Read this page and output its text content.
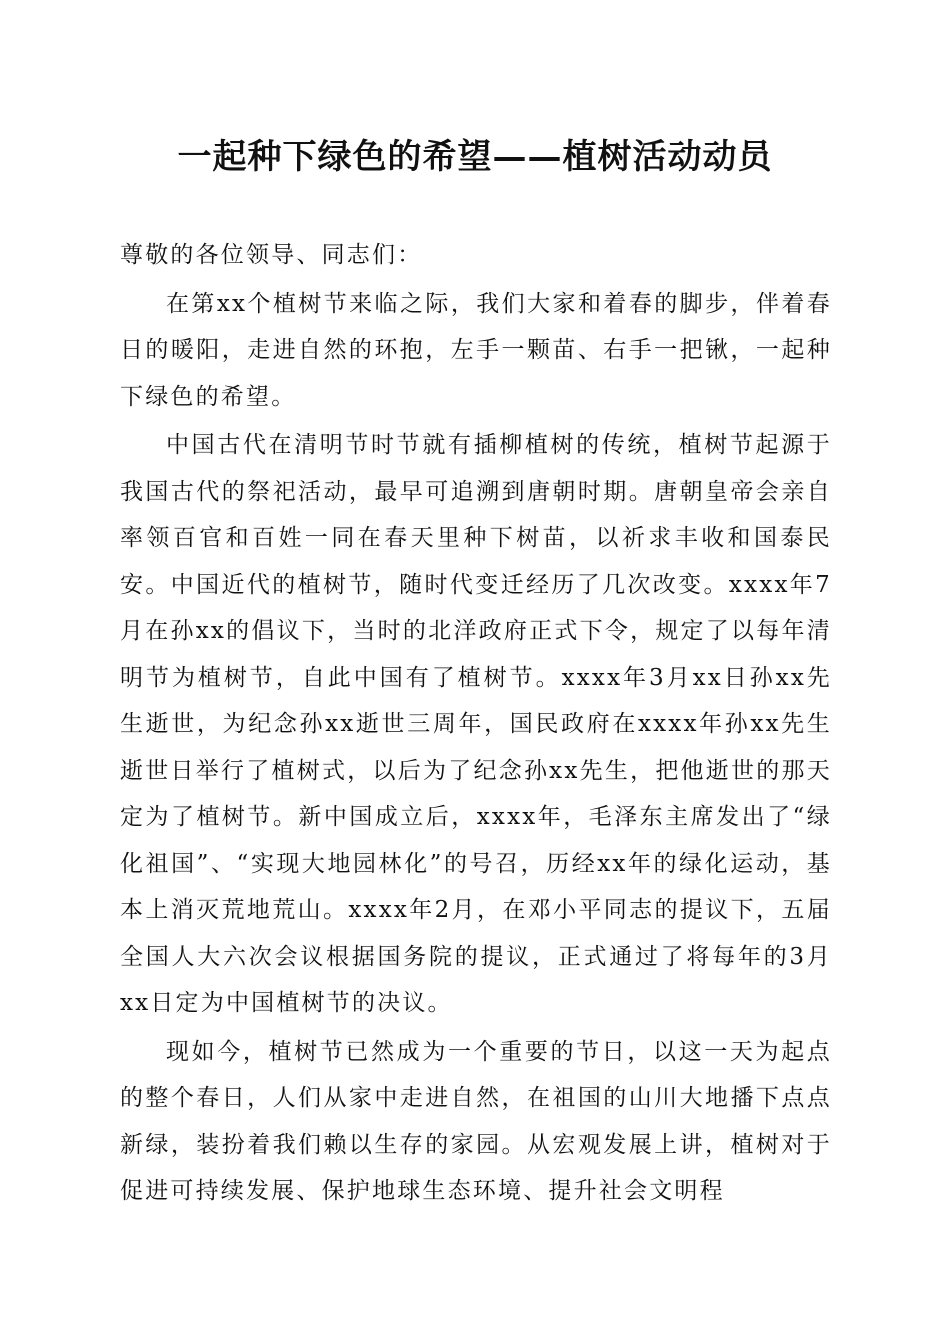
一起种下绿色的希望——植树活动动员

尊敬的各位领导、同志们：

在第xx个植树节来临之际，我们大家和着春的脚步，伴着春日的暖阳，走进自然的环抱，左手一颗苗、右手一把锹，一起种下绿色的希望。

中国古代在清明节时节就有插柳植树的传统，植树节起源于我国古代的祭祀活动，最早可追溯到唐朝时期。唐朝皇帝会亲自率领百官和百姓一同在春天里种下树苗，以祈求丰收和国泰民安。中国近代的植树节，随时代变迁经历了几次改变。xxxx年7月在孙xx的倡议下，当时的北洋政府正式下令，规定了以每年清明节为植树节，自此中国有了植树节。xxxx年3月xx日孙xx先生逝世，为纪念孙xx逝世三周年，国民政府在xxxx年孙xx先生逝世日举行了植树式，以后为了纪念孙xx先生，把他逝世的那天定为了植树节。新中国成立后，xxxx年，毛泽东主席发出了“绿化祖国”、“实现大地园林化”的号召，历经xx年的绿化运动，基本上消灭荒地荒山。xxxx年2月，在邓小平同志的提议下，五届全国人大六次会议根据国务院的提议，正式通过了将每年的3月xx日定为中国植树节的决议。

现如今，植树节已然成为一个重要的节日，以这一天为起点的整个春日，人们从家中走进自然，在祖国的山川大地播下点点新绿，装扮着我们赖以生存的家园。从宏观发展上讲，植树对于促进可持续发展、保护地球生态环境、提升社会文明程
